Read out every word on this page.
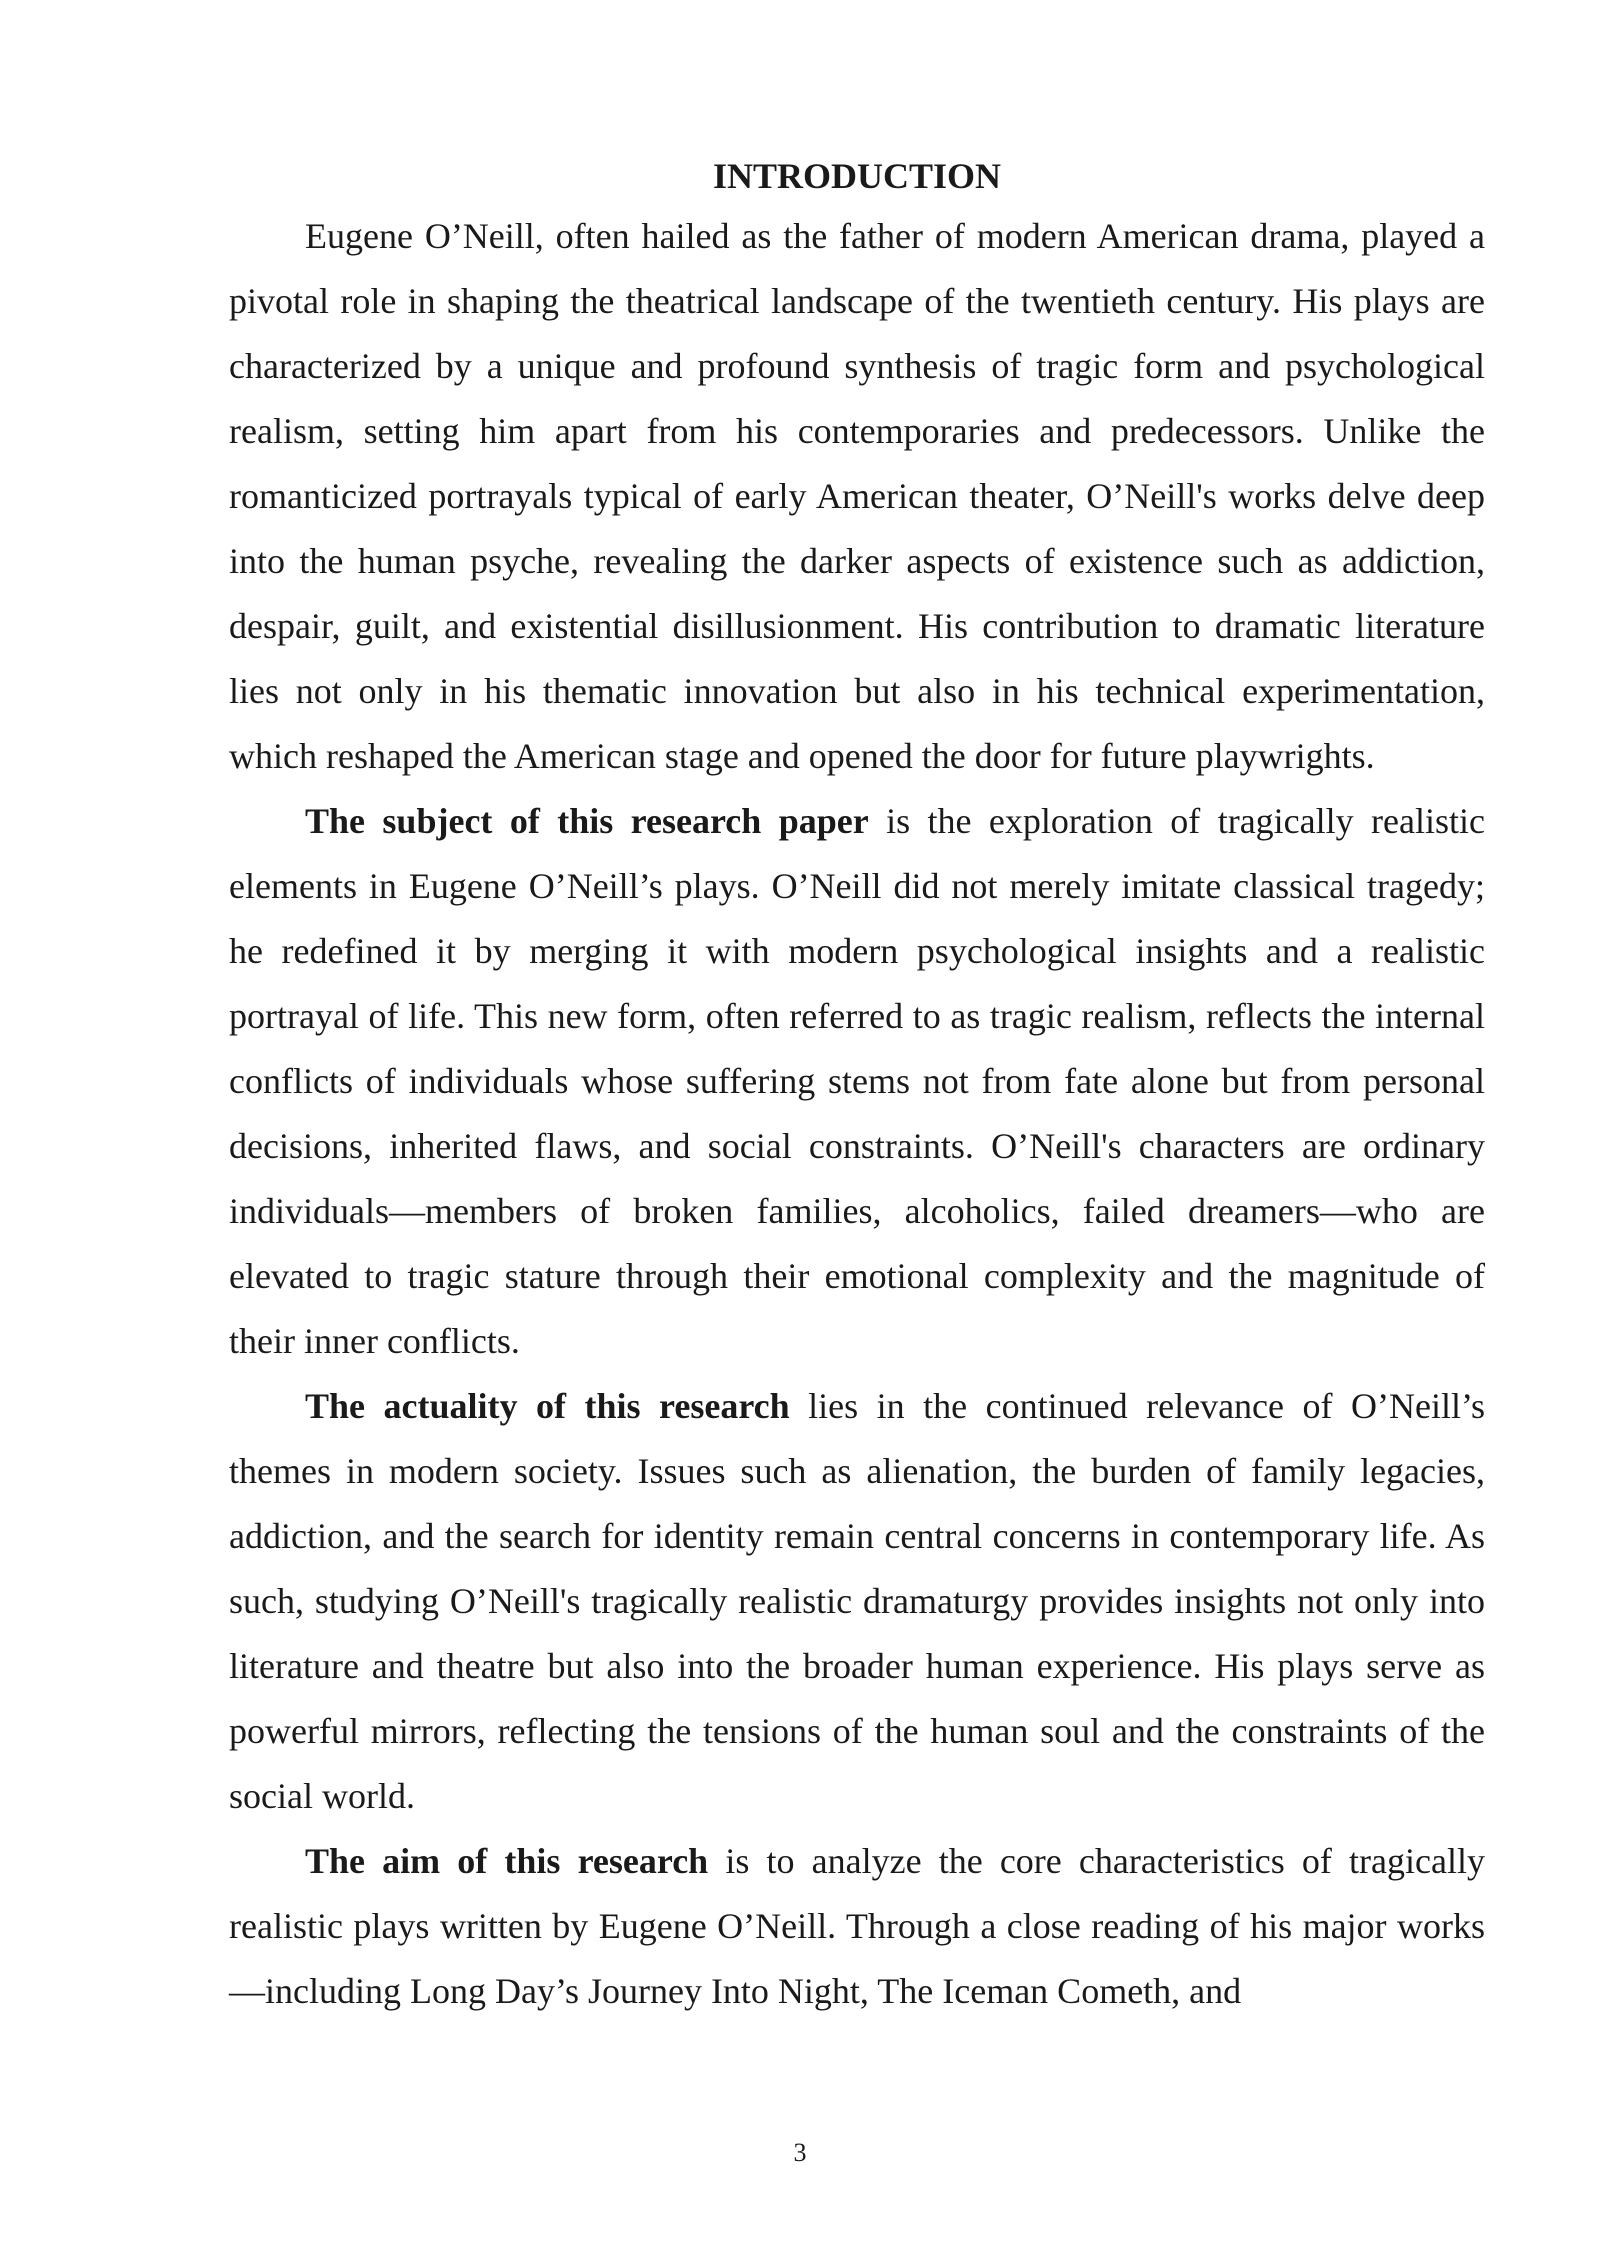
INTRODUCTION

Eugene O’Neill, often hailed as the father of modern American drama, played a pivotal role in shaping the theatrical landscape of the twentieth century. His plays are characterized by a unique and profound synthesis of tragic form and psychological realism, setting him apart from his contemporaries and predecessors. Unlike the romanticized portrayals typical of early American theater, O’Neill's works delve deep into the human psyche, revealing the darker aspects of existence such as addiction, despair, guilt, and existential disillusionment. His contribution to dramatic literature lies not only in his thematic innovation but also in his technical experimentation, which reshaped the American stage and opened the door for future playwrights.

The subject of this research paper is the exploration of tragically realistic elements in Eugene O’Neill’s plays. O’Neill did not merely imitate classical tragedy; he redefined it by merging it with modern psychological insights and a realistic portrayal of life. This new form, often referred to as tragic realism, reflects the internal conflicts of individuals whose suffering stems not from fate alone but from personal decisions, inherited flaws, and social constraints. O’Neill's characters are ordinary individuals—members of broken families, alcoholics, failed dreamers—who are elevated to tragic stature through their emotional complexity and the magnitude of their inner conflicts.

The actuality of this research lies in the continued relevance of O’Neill’s themes in modern society. Issues such as alienation, the burden of family legacies, addiction, and the search for identity remain central concerns in contemporary life. As such, studying O’Neill's tragically realistic dramaturgy provides insights not only into literature and theatre but also into the broader human experience. His plays serve as powerful mirrors, reflecting the tensions of the human soul and the constraints of the social world.

The aim of this research is to analyze the core characteristics of tragically realistic plays written by Eugene O’Neill. Through a close reading of his major works—including Long Day’s Journey Into Night, The Iceman Cometh, and

3
